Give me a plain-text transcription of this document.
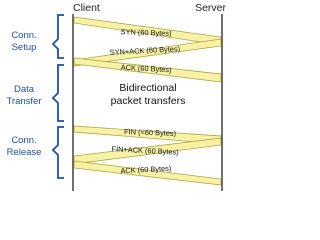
Client	Server
SYN (60 Bytes)
SYN+ACK (60 Bytes)
ACK (60 Bytes)
FIN (<60 Bytes)
FIN+ACK (60 Bytes)
ACK (60 Bytes)
Conn.
Setup
Data
Transfer
Conn.
Release
Bidirectional
packet transfers
